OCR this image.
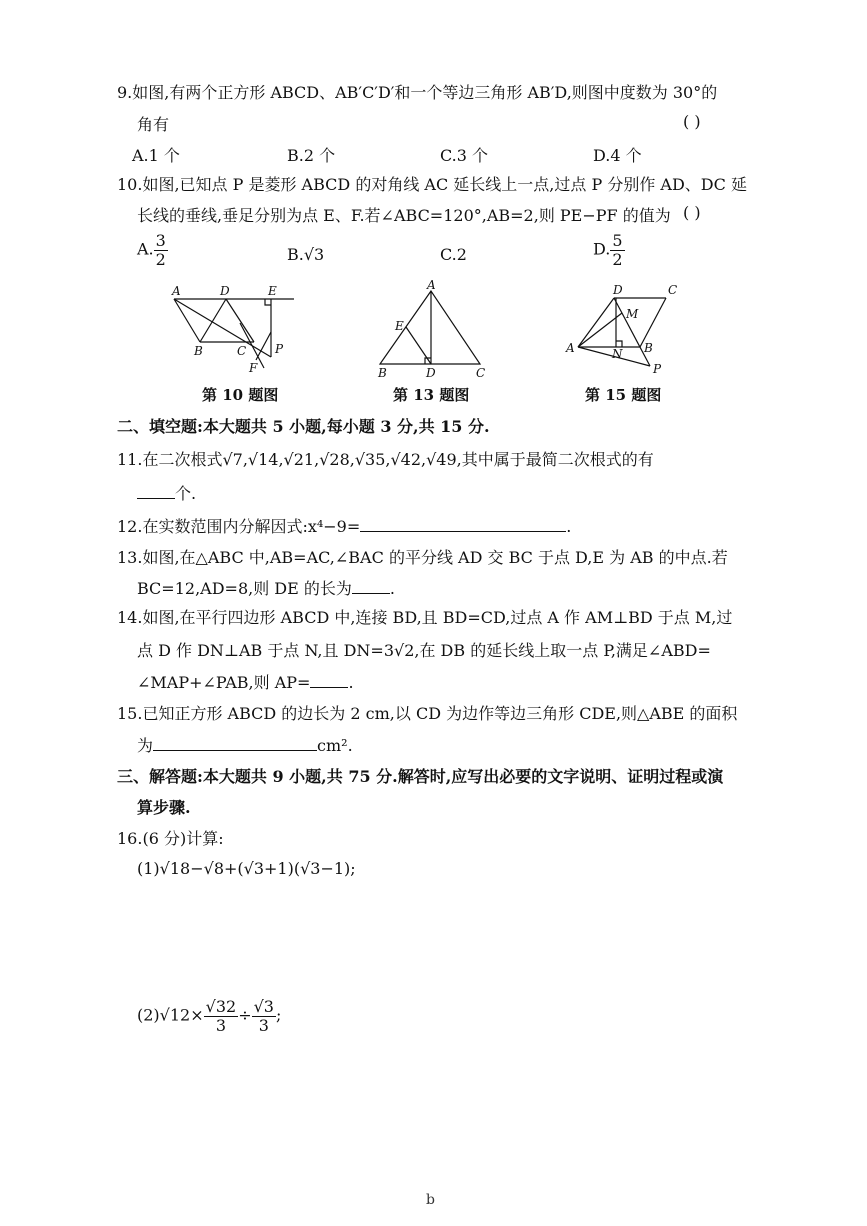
9.如图,有两个正方形 ABCD、AB′C′D′和一个等边三角形 AB′D,则图中度数为 30°的
角有	( )
A.1 个	B.2 个	C.3 个	D.4 个
10.如图,已知点 P 是菱形 ABCD 的对角线 AC 延长线上一点,过点 P 分别作 AD、DC 延
长线的垂线,垂足分别为点 E、F.若∠ABC=120°,AB=2,则 PE−PF 的值为 ( )
A. $\frac{3}{2}$	B.√3	C.2	D. $\frac{5}{2}$
A	D	E
B	C P
F
A
E
B	D	C
D	C
M
A	N B
P
第 10 题图	第 13 题图	第 15 题图
二、填空题:本大题共 5 小题,每小题 3 分,共 15 分.
11.在二次根式√7,√14,√21,√28,√35,√42,√49,其中属于最简二次根式的有
个.
12.在实数范围内分解因式:x⁴−9=	.
13.如图,在△ABC 中,AB=AC,∠BAC 的平分线 AD 交 BC 于点 D,E 为 AB 的中点.若
BC=12,AD=8,则 DE 的长为 .
14.如图,在平行四边形 ABCD 中,连接 BD,且 BD=CD,过点 A 作 AM⊥BD 于点 M,过
点 D 作 DN⊥AB 于点 N,且 DN=3√2,在 DB 的延长线上取一点 P,满足∠ABD=
∠MAP+∠PAB,则 AP= .
15.已知正方形 ABCD 的边长为 2 cm,以 CD 为边作等边三角形 CDE,则△ABE 的面积
为	cm².
三、解答题:本大题共 9 小题,共 75 分.解答时,应写出必要的文字说明、证明过程或演
算步骤.
16.(6 分)计算:
(1)√18−√8+(√3+1)(√3−1);
$(2)√12\times \frac{√32}{3} \div \frac{√3}{3}$ ;
b
